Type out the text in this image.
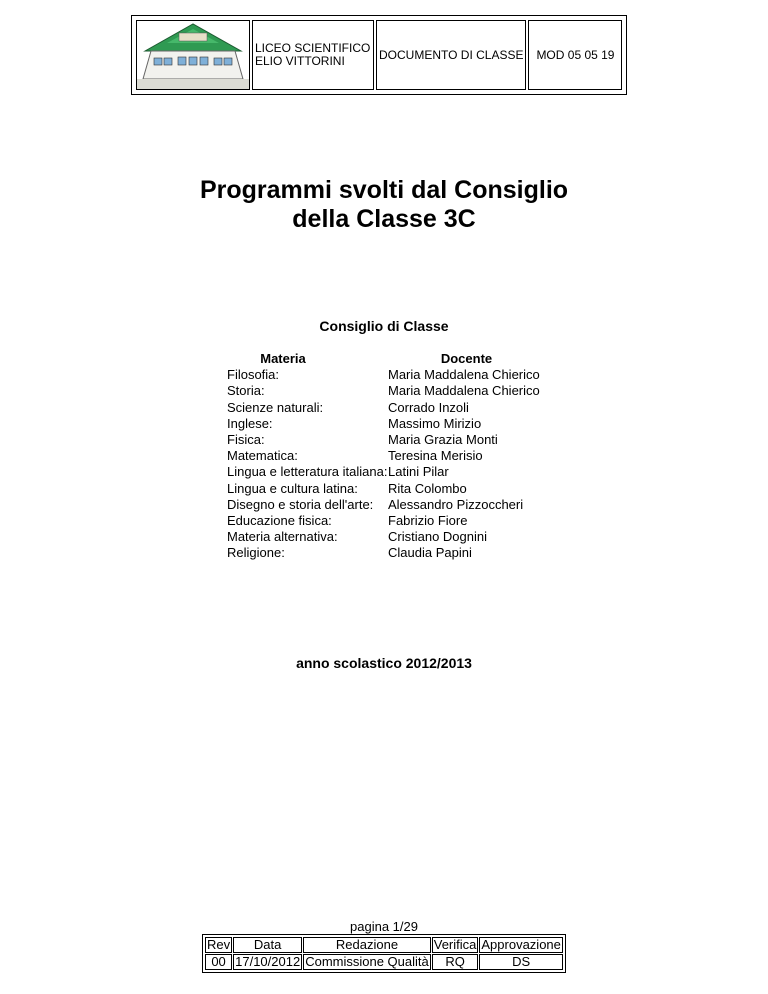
LICEO SCIENTIFICO
ELIO VITTORINI	DOCUMENTO DI CLASSE	MOD 05 05 19
Programmi svolti dal Consiglio
della Classe 3C
Consiglio di Classe
Materia	Docente
Filosofia:	Maria Maddalena Chierico
Storia:	Maria Maddalena Chierico
Scienze naturali:	Corrado Inzoli
Inglese:	Massimo Mirizio
Fisica:	Maria Grazia Monti
Matematica:	Teresina Merisio
Lingua e letteratura italiana: Latini Pilar
Lingua e cultura latina:	Rita Colombo
Disegno e storia dell'arte:	Alessandro Pizzoccheri
Educazione fisica:	Fabrizio Fiore
Materia alternativa:	Cristiano Dognini
Religione:	Claudia Papini
anno scolastico 2012/2013
pagina 1/29
Rev	Data	Redazione	Verifica	Approvazione
00	17/10/2012	Commissione Qualità	RQ	DS
